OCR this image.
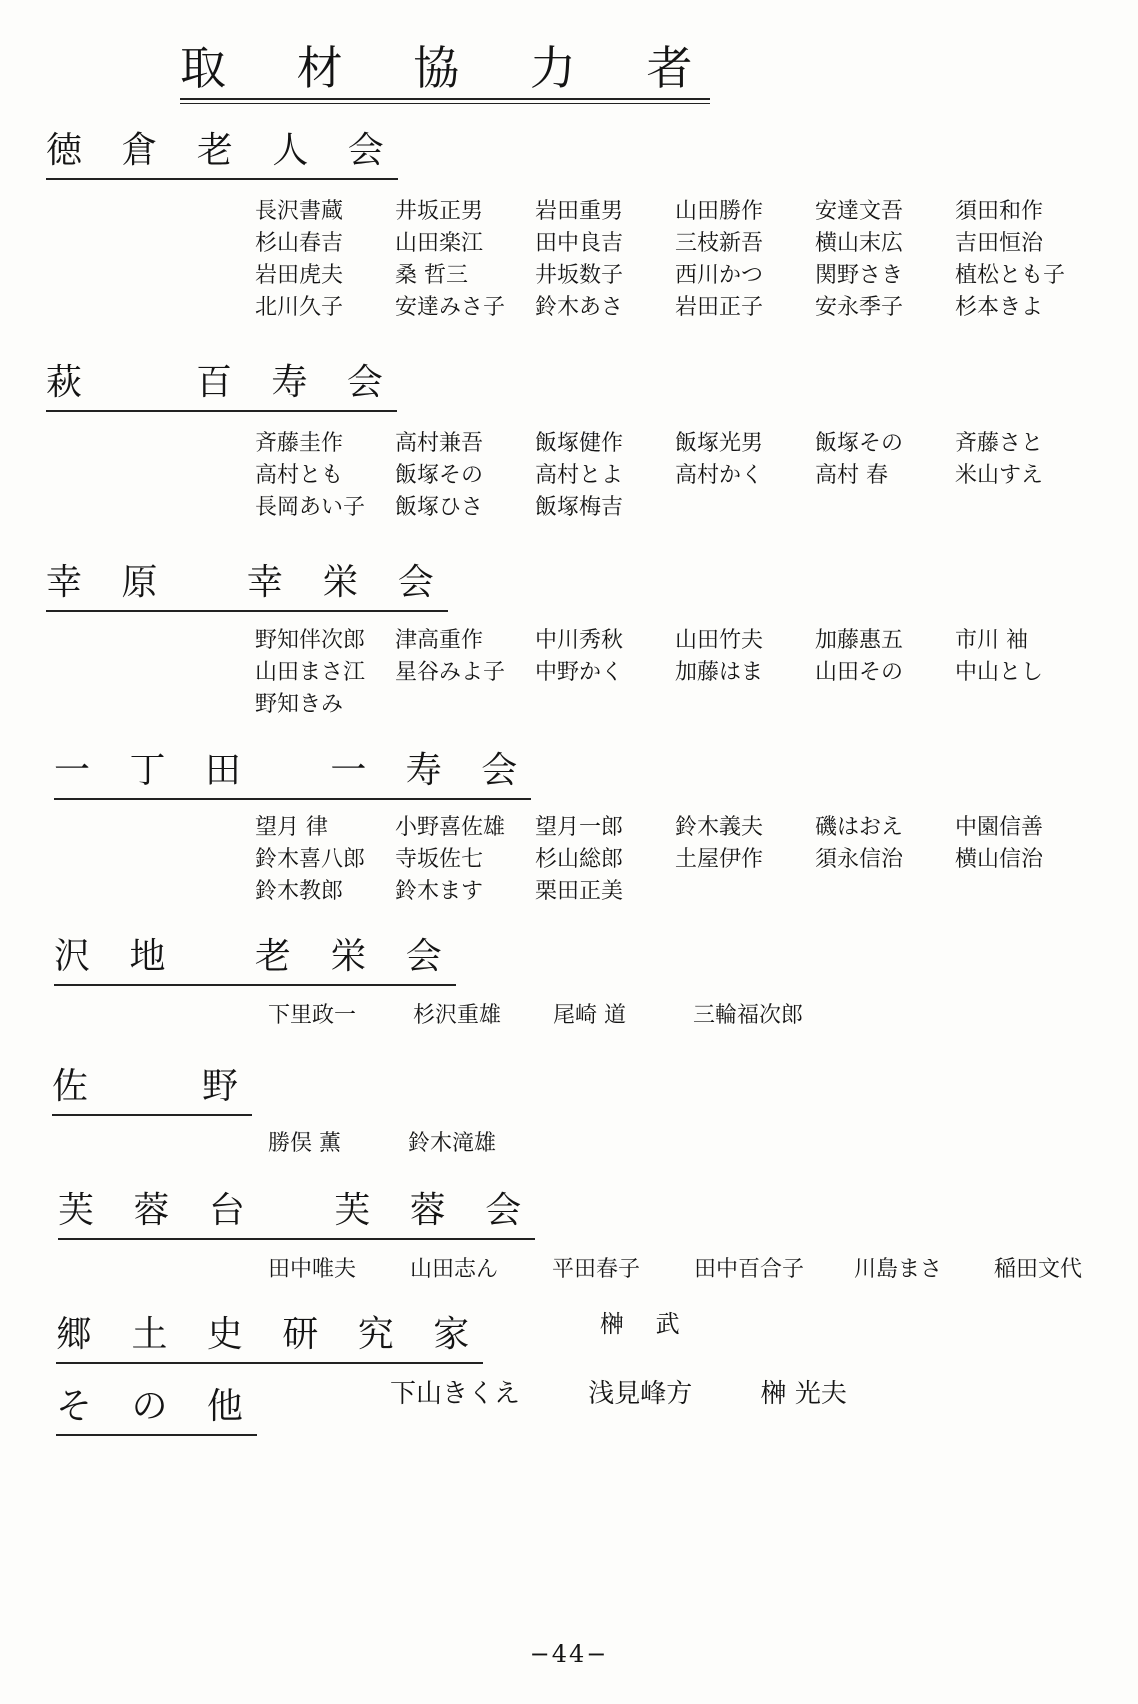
取 材 協 力 者
徳 倉 老 人 会
長沢書蔵	井坂正男	岩田重男	山田勝作	安達文吾	須田和作
杉山春吉	山田楽江	田中良吉	三枝新吾	横山末広	吉田恒治
岩田虎夫	桑 哲三	井坂数子	西川かつ	関野さき	植松とも子
北川久子	安達みさ子	鈴木あさ	岩田正子	安永季子	杉本きよ
萩　　百 寿 会
斉藤圭作	高村兼吾	飯塚健作	飯塚光男	飯塚その	斉藤さと
高村とも	飯塚その	高村とよ	高村かく	高村 春	米山すえ
長岡あい子	飯塚ひさ	飯塚梅吉
幸 原　 幸 栄 会
野知伴次郎	津高重作	中川秀秋	山田竹夫	加藤惠五	市川 袖
山田まさ江	星谷みよ子	中野かく	加藤はま	山田その	中山とし
野知きみ
一 丁 田　 一 寿 会
望月 律	小野喜佐雄	望月一郎	鈴木義夫	磯はおえ	中園信善
鈴木喜八郎	寺坂佐七	杉山総郎	土屋伊作	須永信治	横山信治
鈴木教郎	鈴木ます	栗田正美
沢 地　 老 栄 会
下里政一	杉沢重雄	尾崎 道	三輪福次郎
佐　　野
勝俣 薫	鈴木滝雄
芙 蓉 台　 芙 蓉 会
田中唯夫	山田志ん	平田春子	田中百合子	川島まさ	稲田文代
郷 土 史 研 究 家	榊　 武
そ の 他	下山きくえ	浅見峰方	榊 光夫
−44−
